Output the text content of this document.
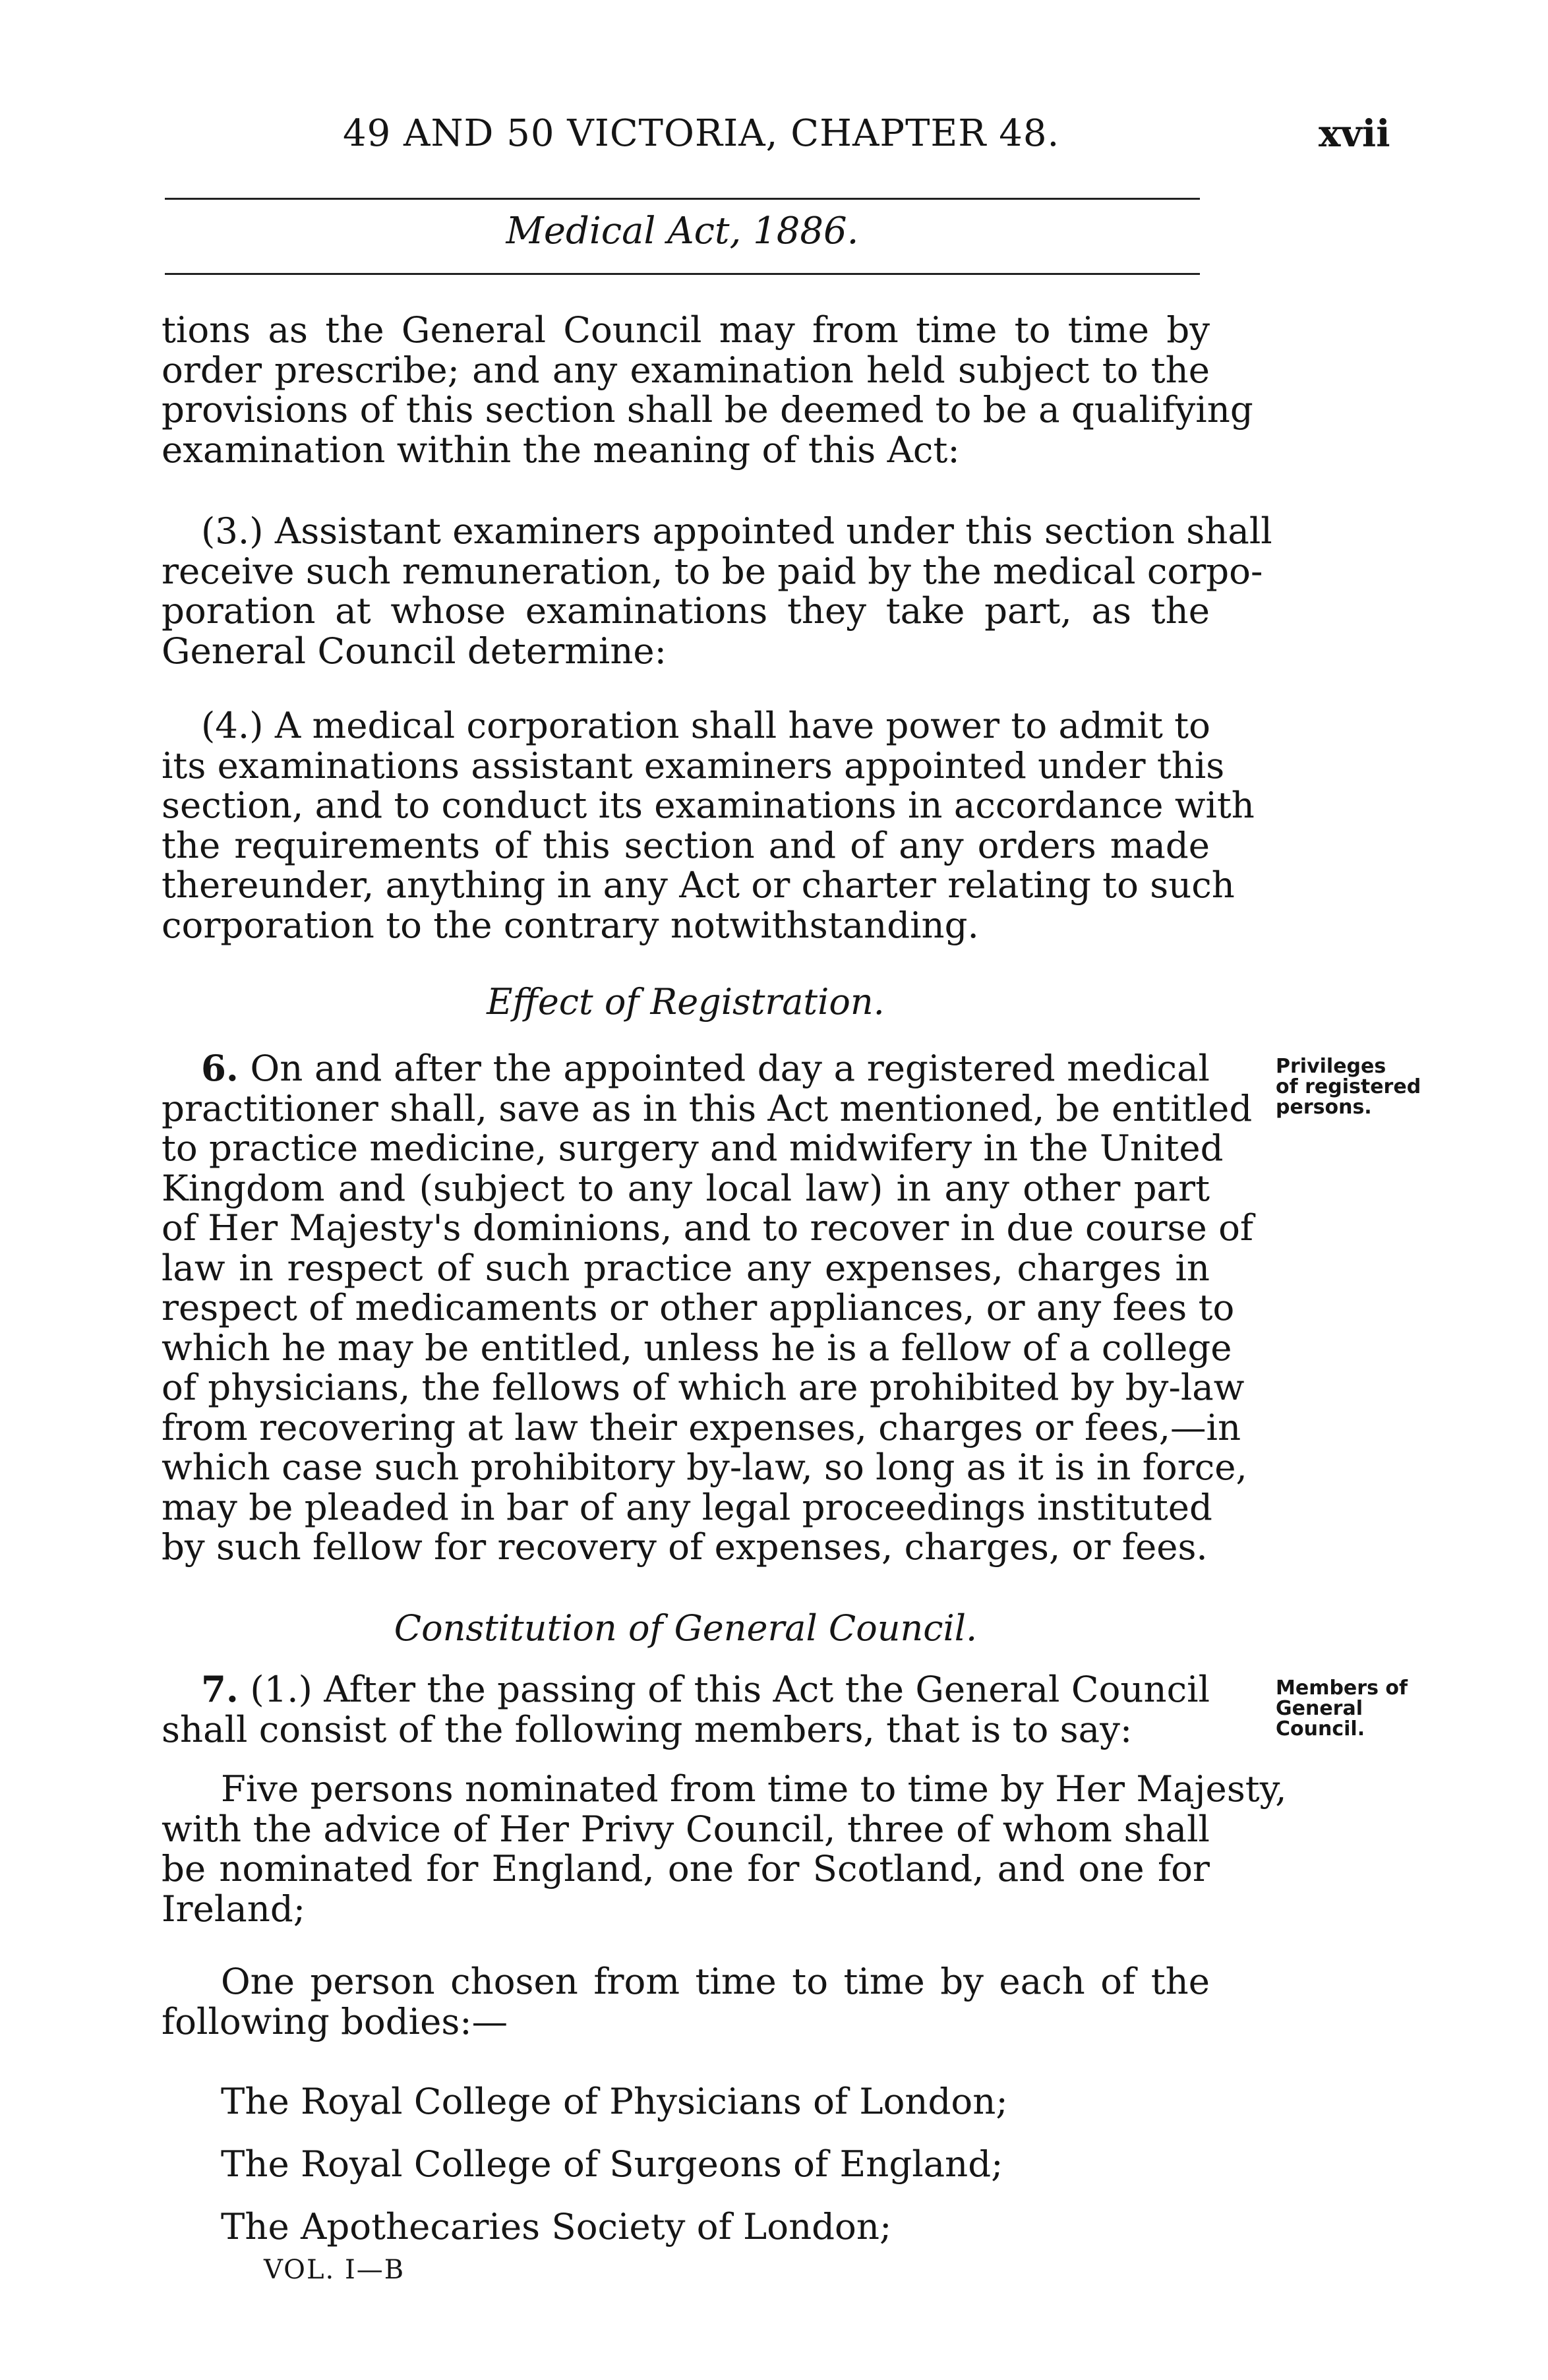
49 AND 50 VICTORIA, CHAPTER 48.	xvii
Medical Act, 1886.
tions as the General Council may from time to time by
order prescribe; and any examination held subject to the
provisions of this section shall be deemed to be a qualifying
examination within the meaning of this Act:
(3.) Assistant examiners appointed under this section shall
receive such remuneration, to be paid by the medical corpo-
poration at whose examinations they take part, as the
General Council determine:
(4.) A medical corporation shall have power to admit to
its examinations assistant examiners appointed under this
section, and to conduct its examinations in accordance with
the requirements of this section and of any orders made
thereunder, anything in any Act or charter relating to such
corporation to the contrary notwithstanding.
Effect of Registration.
6. On and after the appointed day a registered medical
practitioner shall, save as in this Act mentioned, be entitled
to practice medicine, surgery and midwifery in the United
Kingdom and (subject to any local law) in any other part
of Her Majesty's dominions, and to recover in due course of
law in respect of such practice any expenses, charges in
respect of medicaments or other appliances, or any fees to
which he may be entitled, unless he is a fellow of a college
of physicians, the fellows of which are prohibited by by-law
from recovering at law their expenses, charges or fees,—in
which case such prohibitory by-law, so long as it is in force,
may be pleaded in bar of any legal proceedings instituted
by such fellow for recovery of expenses, charges, or fees.
Privileges
of registered
persons.
Constitution of General Council.
7. (1.) After the passing of this Act the General Council
shall consist of the following members, that is to say:
Members of
General
Council.
Five persons nominated from time to time by Her Majesty,
with the advice of Her Privy Council, three of whom shall
be nominated for England, one for Scotland, and one for
Ireland;
One person chosen from time to time by each of the
following bodies:—
The Royal College of Physicians of London;
The Royal College of Surgeons of England;
The Apothecaries Society of London;
VOL. I—B
